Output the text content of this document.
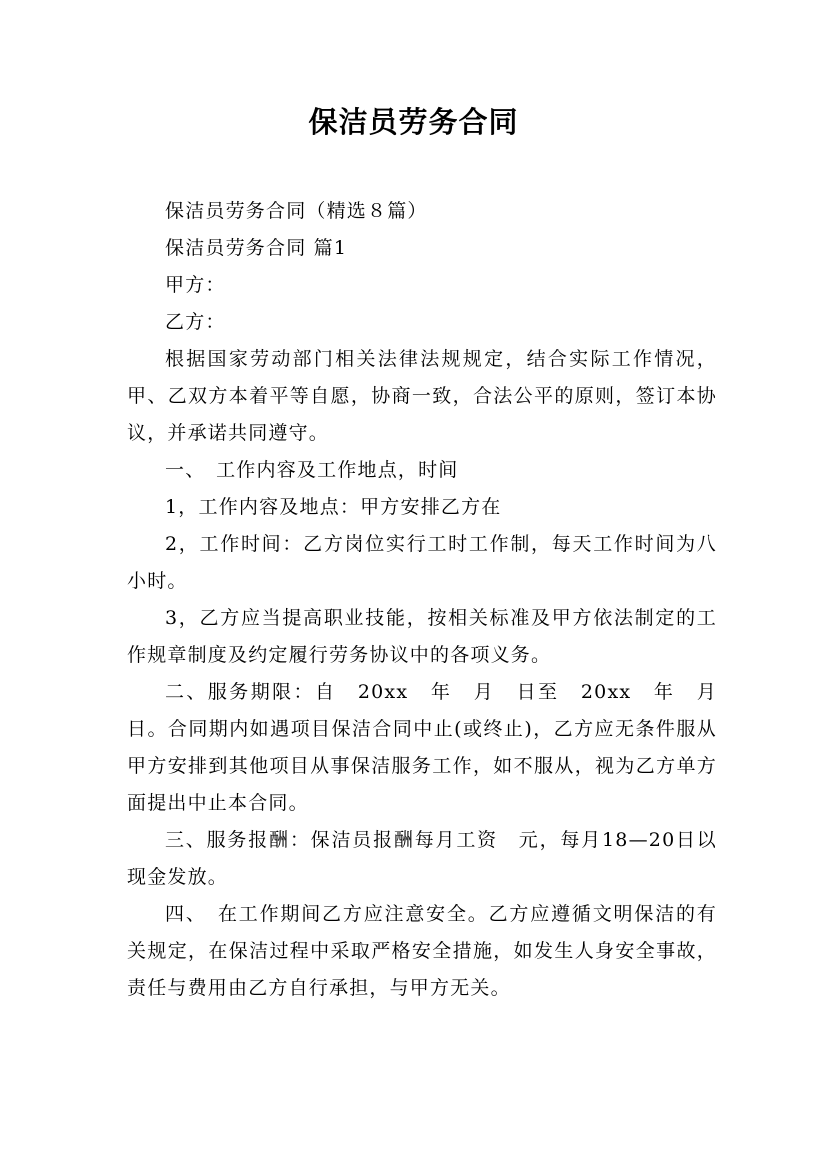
保洁员劳务合同

保洁员劳务合同（精选８篇）

保洁员劳务合同 篇1

甲方：

乙方：

根据国家劳动部门相关法律法规规定，结合实际工作情况，甲、乙双方本着平等自愿，协商一致，合法公平的原则，签订本协议，并承诺共同遵守。

一、　工作内容及工作地点，时间

1，工作内容及地点：甲方安排乙方在

2，工作时间：乙方岗位实行工时工作制，每天工作时间为八小时。

3，乙方应当提高职业技能，按相关标准及甲方依法制定的工作规章制度及约定履行劳务协议中的各项义务。

二、服务期限：自　20xx　年　月　日至　20xx　年　月　日。合同期内如遇项目保洁合同中止(或终止)，乙方应无条件服从甲方安排到其他项目从事保洁服务工作，如不服从，视为乙方单方面提出中止本合同。

三、服务报酬：保洁员报酬每月工资　元，每月18—20日以现金发放。

四、　在工作期间乙方应注意安全。乙方应遵循文明保洁的有关规定，在保洁过程中采取严格安全措施，如发生人身安全事故，责任与费用由乙方自行承担，与甲方无关。
